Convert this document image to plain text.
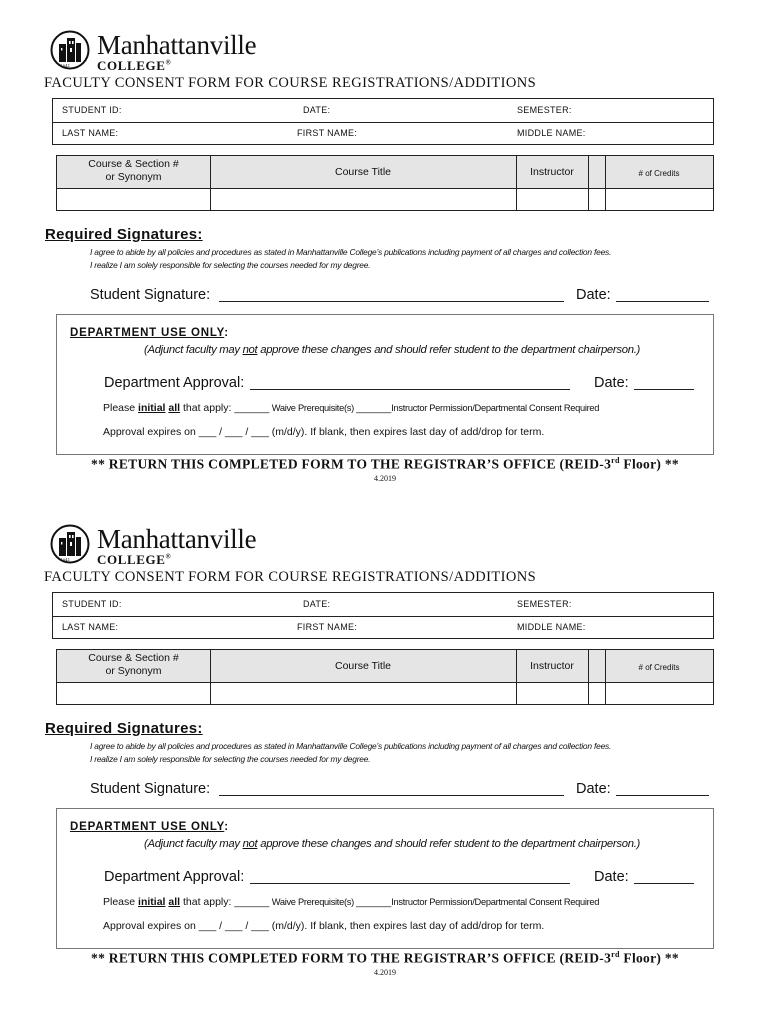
1841
Manhattanville
COLLEGE®
FACULTY CONSENT FORM FOR COURSE REGISTRATIONS/ADDITIONS
STUDENT ID:	DATE:	SEMESTER:
LAST NAME:	FIRST NAME:	MIDDLE NAME:
Course & Section #
or Synonym	Course Title	Instructor	# of Credits
Required Signatures:
I agree to abide by all policies and procedures as stated in Manhattanville College’s publications including payment of all charges and collection fees.
I realize I am solely responsible for selecting the courses needed for my degree.
Student Signature:	Date:
DEPARTMENT USE ONLY:
(Adjunct faculty may not approve these changes and should refer student to the department chairperson.)
Department Approval:	Date:
Please initial all that apply: ______ Waive Prerequisite(s) ______Instructor Permission/Departmental Consent Required
Approval expires on ___ / ___ / ___ (m/d/y). If blank, then expires last day of add/drop for term.
** RETURN THIS COMPLETED FORM TO THE REGISTRAR’S OFFICE (REID-3rd Floor) **
4.2019
1841
Manhattanville
COLLEGE®
FACULTY CONSENT FORM FOR COURSE REGISTRATIONS/ADDITIONS
STUDENT ID:	DATE:	SEMESTER:
LAST NAME:	FIRST NAME:	MIDDLE NAME:
Course & Section #
or Synonym	Course Title	Instructor	# of Credits
Required Signatures:
I agree to abide by all policies and procedures as stated in Manhattanville College’s publications including payment of all charges and collection fees.
I realize I am solely responsible for selecting the courses needed for my degree.
Student Signature:	Date:
DEPARTMENT USE ONLY:
(Adjunct faculty may not approve these changes and should refer student to the department chairperson.)
Department Approval:	Date:
Please initial all that apply: ______ Waive Prerequisite(s) ______Instructor Permission/Departmental Consent Required
Approval expires on ___ / ___ / ___ (m/d/y). If blank, then expires last day of add/drop for term.
** RETURN THIS COMPLETED FORM TO THE REGISTRAR’S OFFICE (REID-3rd Floor) **
4.2019
